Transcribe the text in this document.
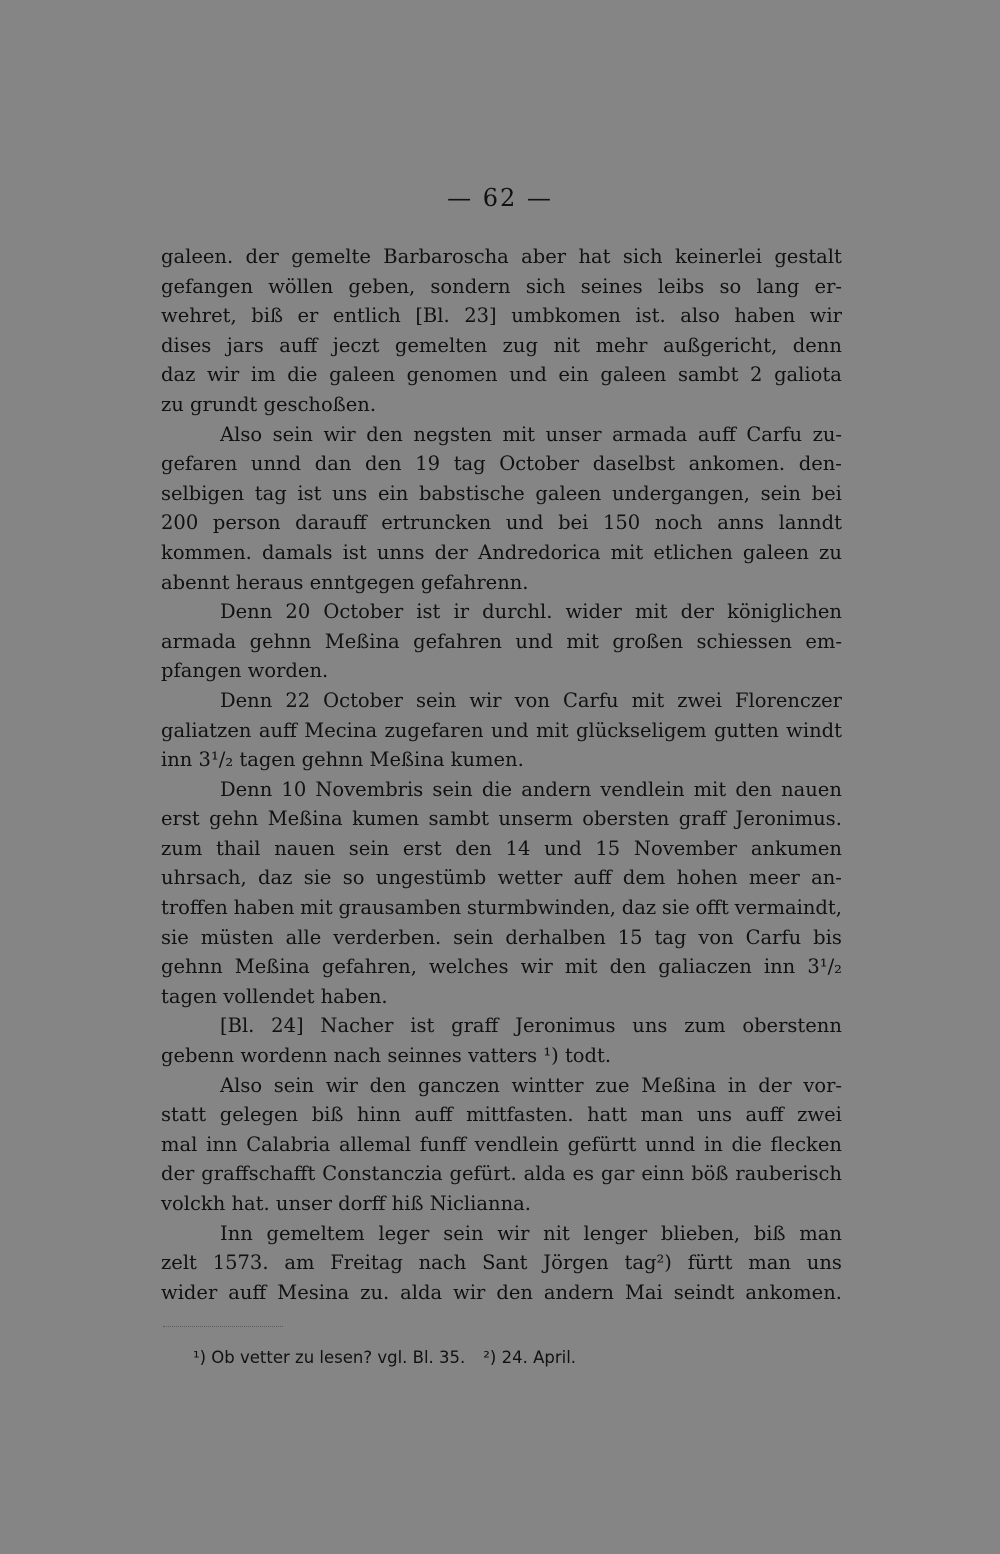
— 62 —
galeen. der gemelte Barbaroscha aber hat sich keinerlei gestalt
gefangen wöllen geben, sondern sich seines leibs so lang er-
wehret, biß er entlich [Bl. 23] umbkomen ist. also haben wir
dises jars auff jeczt gemelten zug nit mehr außgericht, denn
daz wir im die galeen genomen und ein galeen sambt 2 galiota
zu grundt geschoßen.
Also sein wir den negsten mit unser armada auff Carfu zu-
gefaren unnd dan den 19 tag October daselbst ankomen. den-
selbigen tag ist uns ein babstische galeen undergangen, sein bei
200 person darauff ertruncken und bei 150 noch anns lanndt
kommen. damals ist unns der Andredorica mit etlichen galeen zu
abennt heraus enntgegen gefahrenn.
Denn 20 October ist ir durchl. wider mit der königlichen
armada gehnn Meßina gefahren und mit großen schiessen em-
pfangen worden.
Denn 22 October sein wir von Carfu mit zwei Florenczer
galiatzen auff Mecina zugefaren und mit glückseligem gutten windt
inn 3¹/₂ tagen gehnn Meßina kumen.
Denn 10 Novembris sein die andern vendlein mit den nauen
erst gehn Meßina kumen sambt unserm obersten graff Jeronimus.
zum thail nauen sein erst den 14 und 15 November ankumen
uhrsach, daz sie so ungestümb wetter auff dem hohen meer an-
troffen haben mit grausamben sturmbwinden, daz sie offt vermaindt,
sie müsten alle verderben. sein derhalben 15 tag von Carfu bis
gehnn Meßina gefahren, welches wir mit den galiaczen inn 3¹/₂
tagen vollendet haben.
[Bl. 24] Nacher ist graff Jeronimus uns zum oberstenn
gebenn wordenn nach seinnes vatters ¹) todt.
Also sein wir den ganczen wintter zue Meßina in der vor-
statt gelegen biß hinn auff mittfasten. hatt man uns auff zwei
mal inn Calabria allemal funff vendlein gefürtt unnd in die flecken
der graffschafft Constanczia gefürt. alda es gar einn böß rauberisch
volckh hat. unser dorff hiß Niclianna.
Inn gemeltem leger sein wir nit lenger blieben, biß man
zelt 1573. am Freitag nach Sant Jörgen tag²) fürtt man uns
wider auff Mesina zu. alda wir den andern Mai seindt ankomen.
¹) Ob vetter zu lesen? vgl. Bl. 35. ²) 24. April.
